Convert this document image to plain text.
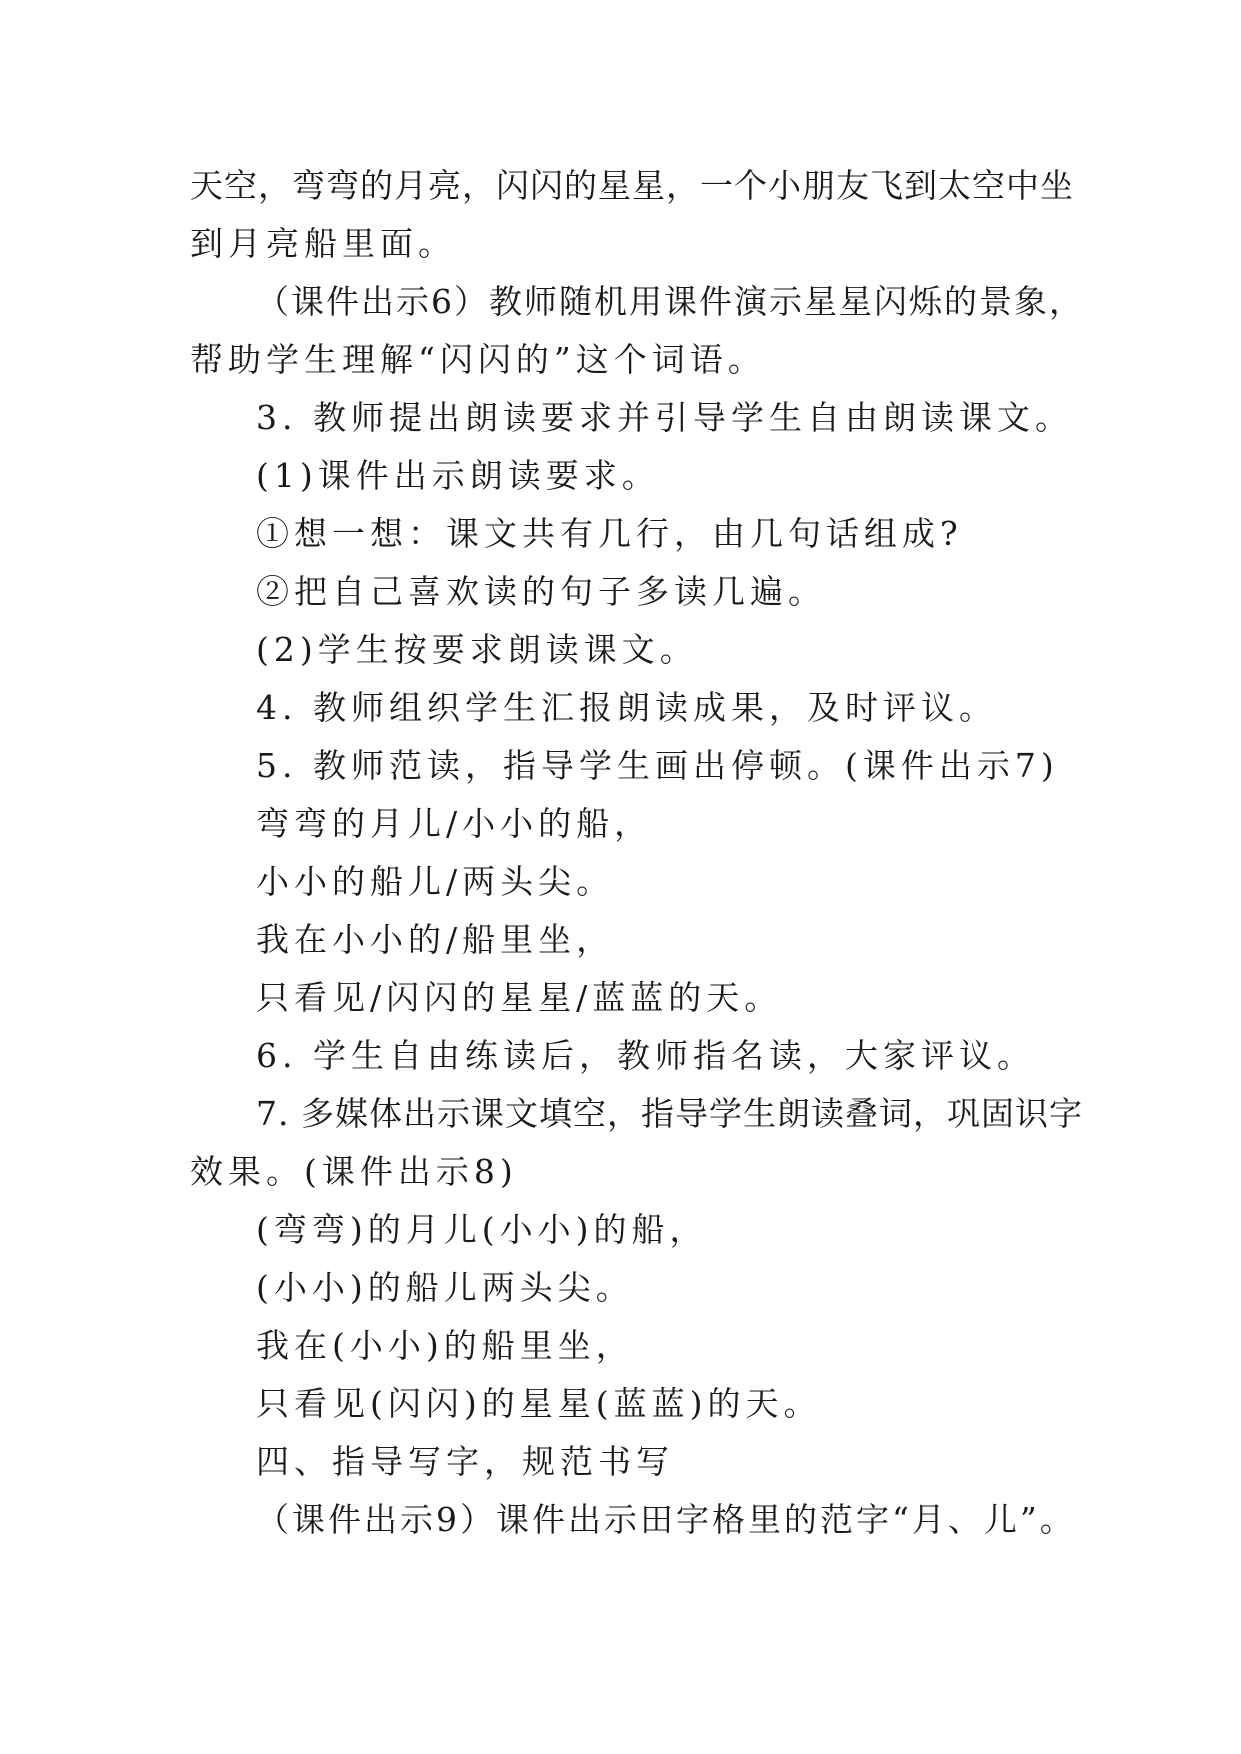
天空，弯弯的月亮，闪闪的星星，一个小朋友飞到太空中坐
到月亮船里面。
（课件出示6）教师随机用课件演示星星闪烁的景象，
帮助学生理解“闪闪的”这个词语。
3. 教师提出朗读要求并引导学生自由朗读课文。
(1)课件出示朗读要求。
①想一想：课文共有几行，由几句话组成?
②把自己喜欢读的句子多读几遍。
(2)学生按要求朗读课文。
4. 教师组织学生汇报朗读成果，及时评议。
5. 教师范读，指导学生画出停顿。(课件出示7)
弯弯的月儿/小小的船，
小小的船儿/两头尖。
我在小小的/船里坐，
只看见/闪闪的星星/蓝蓝的天。
6. 学生自由练读后，教师指名读，大家评议。
7. 多媒体出示课文填空，指导学生朗读叠词，巩固识字
效果。(课件出示8)
(弯弯)的月儿(小小)的船，
(小小)的船儿两头尖。
我在(小小)的船里坐，
只看见(闪闪)的星星(蓝蓝)的天。
四、指导写字，规范书写
（课件出示9）课件出示田字格里的范字“月、儿”。
